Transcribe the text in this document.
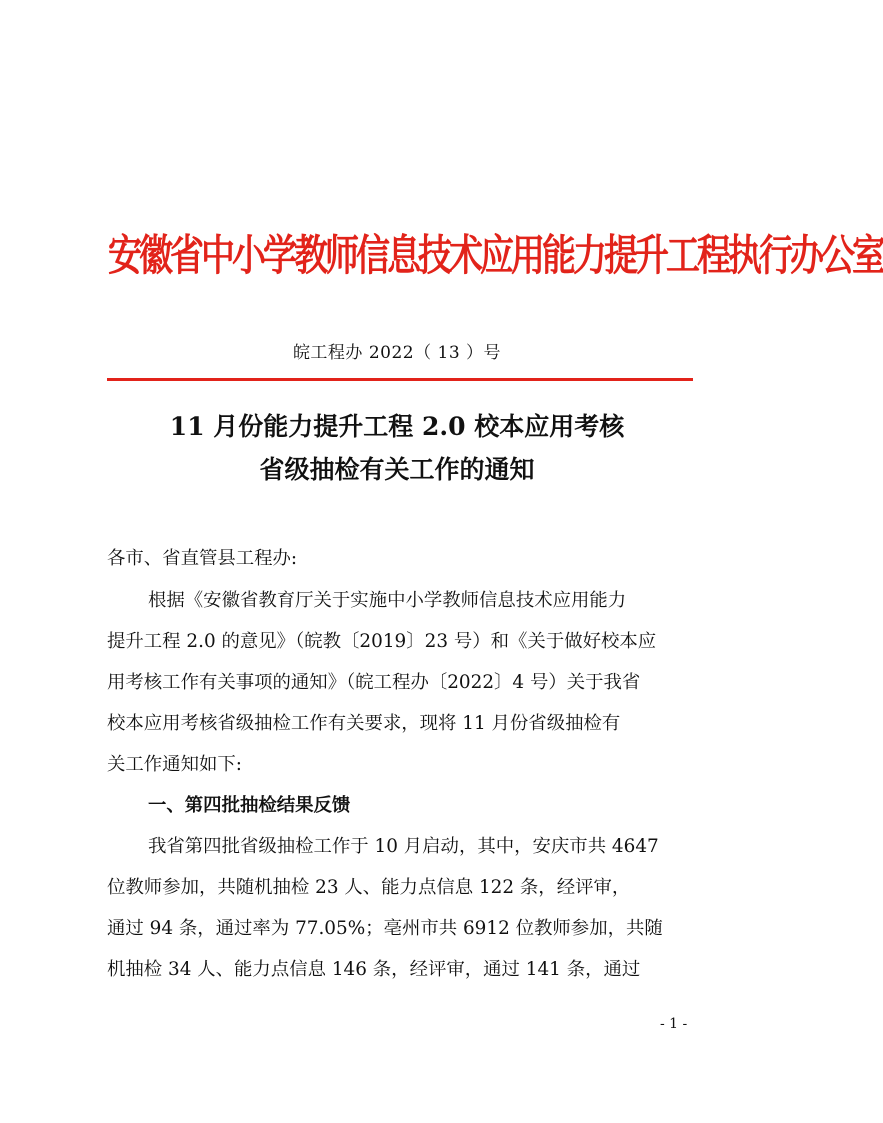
安徽省中小学教师信息技术应用能力提升工程执行办公室
皖工程办 2022（ 13 ）号
11 月份能力提升工程 2.0 校本应用考核
省级抽检有关工作的通知
各市、省直管县工程办:
根据《安徽省教育厅关于实施中小学教师信息技术应用能力
提升工程 2.0 的意见》（皖教〔2019〕23 号）和《关于做好校本应
用考核工作有关事项的通知》（皖工程办〔2022〕4 号）关于我省
校本应用考核省级抽检工作有关要求，现将 11 月份省级抽检有
关工作通知如下:
一、第四批抽检结果反馈
我省第四批省级抽检工作于 10 月启动，其中，安庆市共 4647
位教师参加，共随机抽检 23 人、能力点信息 122 条，经评审，
通过 94 条，通过率为 77.05%；亳州市共 6912 位教师参加，共随
机抽检 34 人、能力点信息 146 条，经评审，通过 141 条，通过
- 1 -
